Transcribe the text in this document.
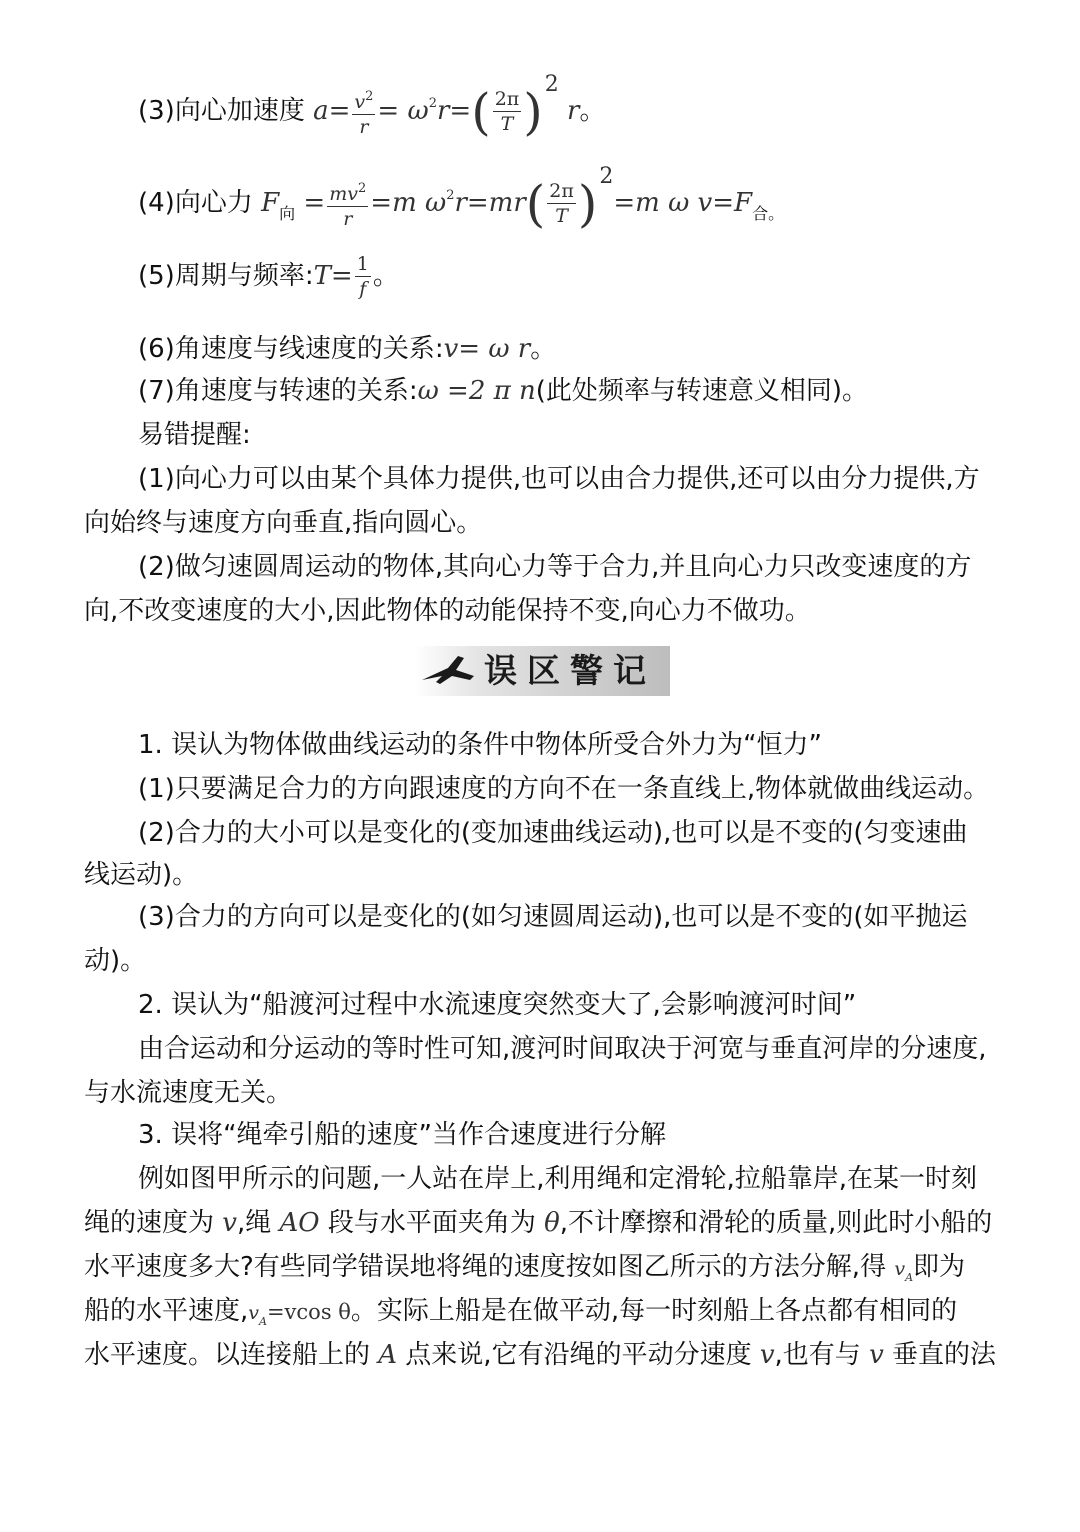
(3)向心加速度 $a= \frac{v^2}{r} = \omega^2r=( \frac{2\pi}{T} )^2$ r。
(4)向心力 $F_向 = \frac{mv^2}{r} =m$ $\omega^2r=mr( \frac{2\pi}{T} )^2=m$ ω $v=F_{合。}$
(5)周期与频率:T= $\frac{1}{f}$ 。
(6)角速度与线速度的关系:v= ω r。
(7)角速度与转速的关系:ω =2 π n(此处频率与转速意义相同)。
易错提醒:
(1)向心力可以由某个具体力提供,也可以由合力提供,还可以由分力提供,方
向始终与速度方向垂直,指向圆心。
(2)做匀速圆周运动的物体,其向心力等于合力,并且向心力只改变速度的方
向,不改变速度的大小,因此物体的动能保持不变,向心力不做功。
误区警记
1. 误认为物体做曲线运动的条件中物体所受合外力为“恒力”
(1)只要满足合力的方向跟速度的方向不在一条直线上,物体就做曲线运动。
(2)合力的大小可以是变化的(变加速曲线运动),也可以是不变的(匀变速曲
线运动)。
(3)合力的方向可以是变化的(如匀速圆周运动),也可以是不变的(如平抛运
动)。
2. 误认为“船渡河过程中水流速度突然变大了,会影响渡河时间”
由合运动和分运动的等时性可知,渡河时间取决于河宽与垂直河岸的分速度,
与水流速度无关。
3. 误将“绳牵引船的速度”当作合速度进行分解
例如图甲所示的问题,一人站在岸上,利用绳和定滑轮,拉船靠岸,在某一时刻
绳的速度为 v,绳 AO 段与水平面夹角为 θ,不计摩擦和滑轮的质量,则此时小船的
水平速度多大?有些同学错误地将绳的速度按如图乙所示的方法分解,得 $v_A$即为
船的水平速度$,v_A=vcos$ θ。实际上船是在做平动,每一时刻船上各点都有相同的
水平速度。以连接船上的 A 点来说,它有沿绳的平动分速度 v,也有与 v 垂直的法
